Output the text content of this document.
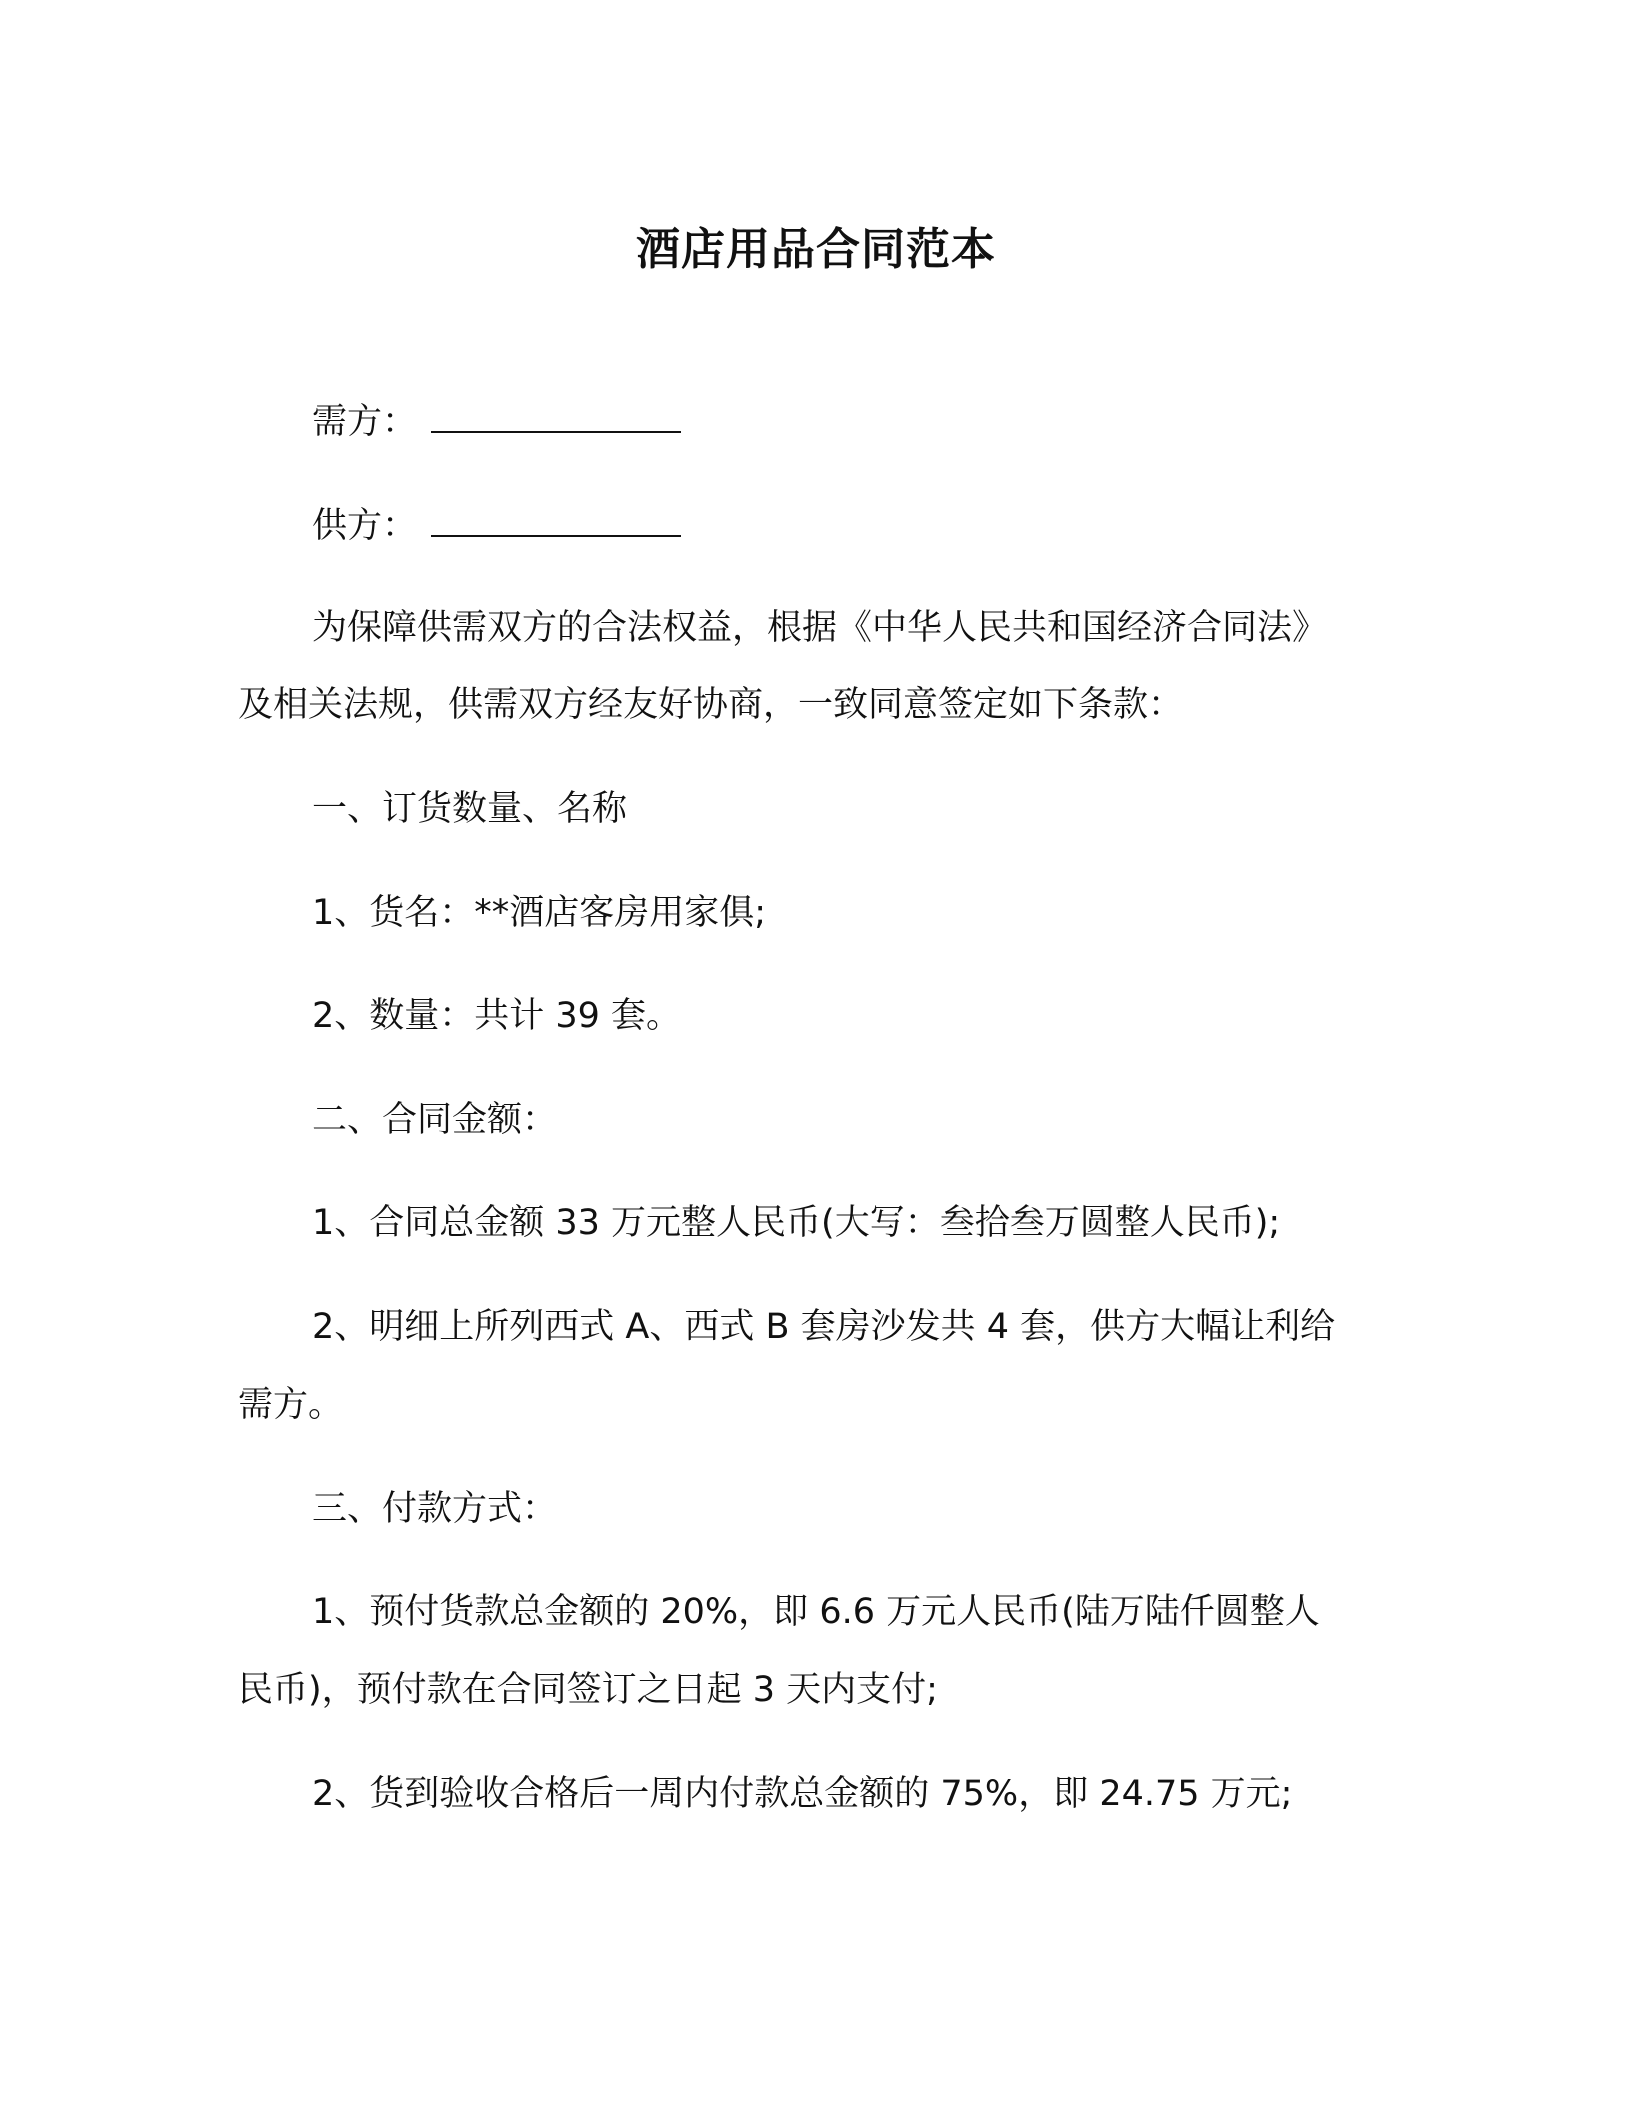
酒店用品合同范本
需方：
供方：
为保障供需双方的合法权益，根据《中华人民共和国经济合同法》
及相关法规，供需双方经友好协商，一致同意签定如下条款：
一、订货数量、名称
1、货名：**酒店客房用家俱;
2、数量：共计 39 套。
二、合同金额：
1、合同总金额 33 万元整人民币(大写：叁拾叁万圆整人民币);
2、明细上所列西式 A、西式 B 套房沙发共 4 套，供方大幅让利给
需方。
三、付款方式：
1、预付货款总金额的 20%，即 6.6 万元人民币(陆万陆仟圆整人
民币)，预付款在合同签订之日起 3 天内支付;
2、货到验收合格后一周内付款总金额的 75%，即 24.75 万元;
